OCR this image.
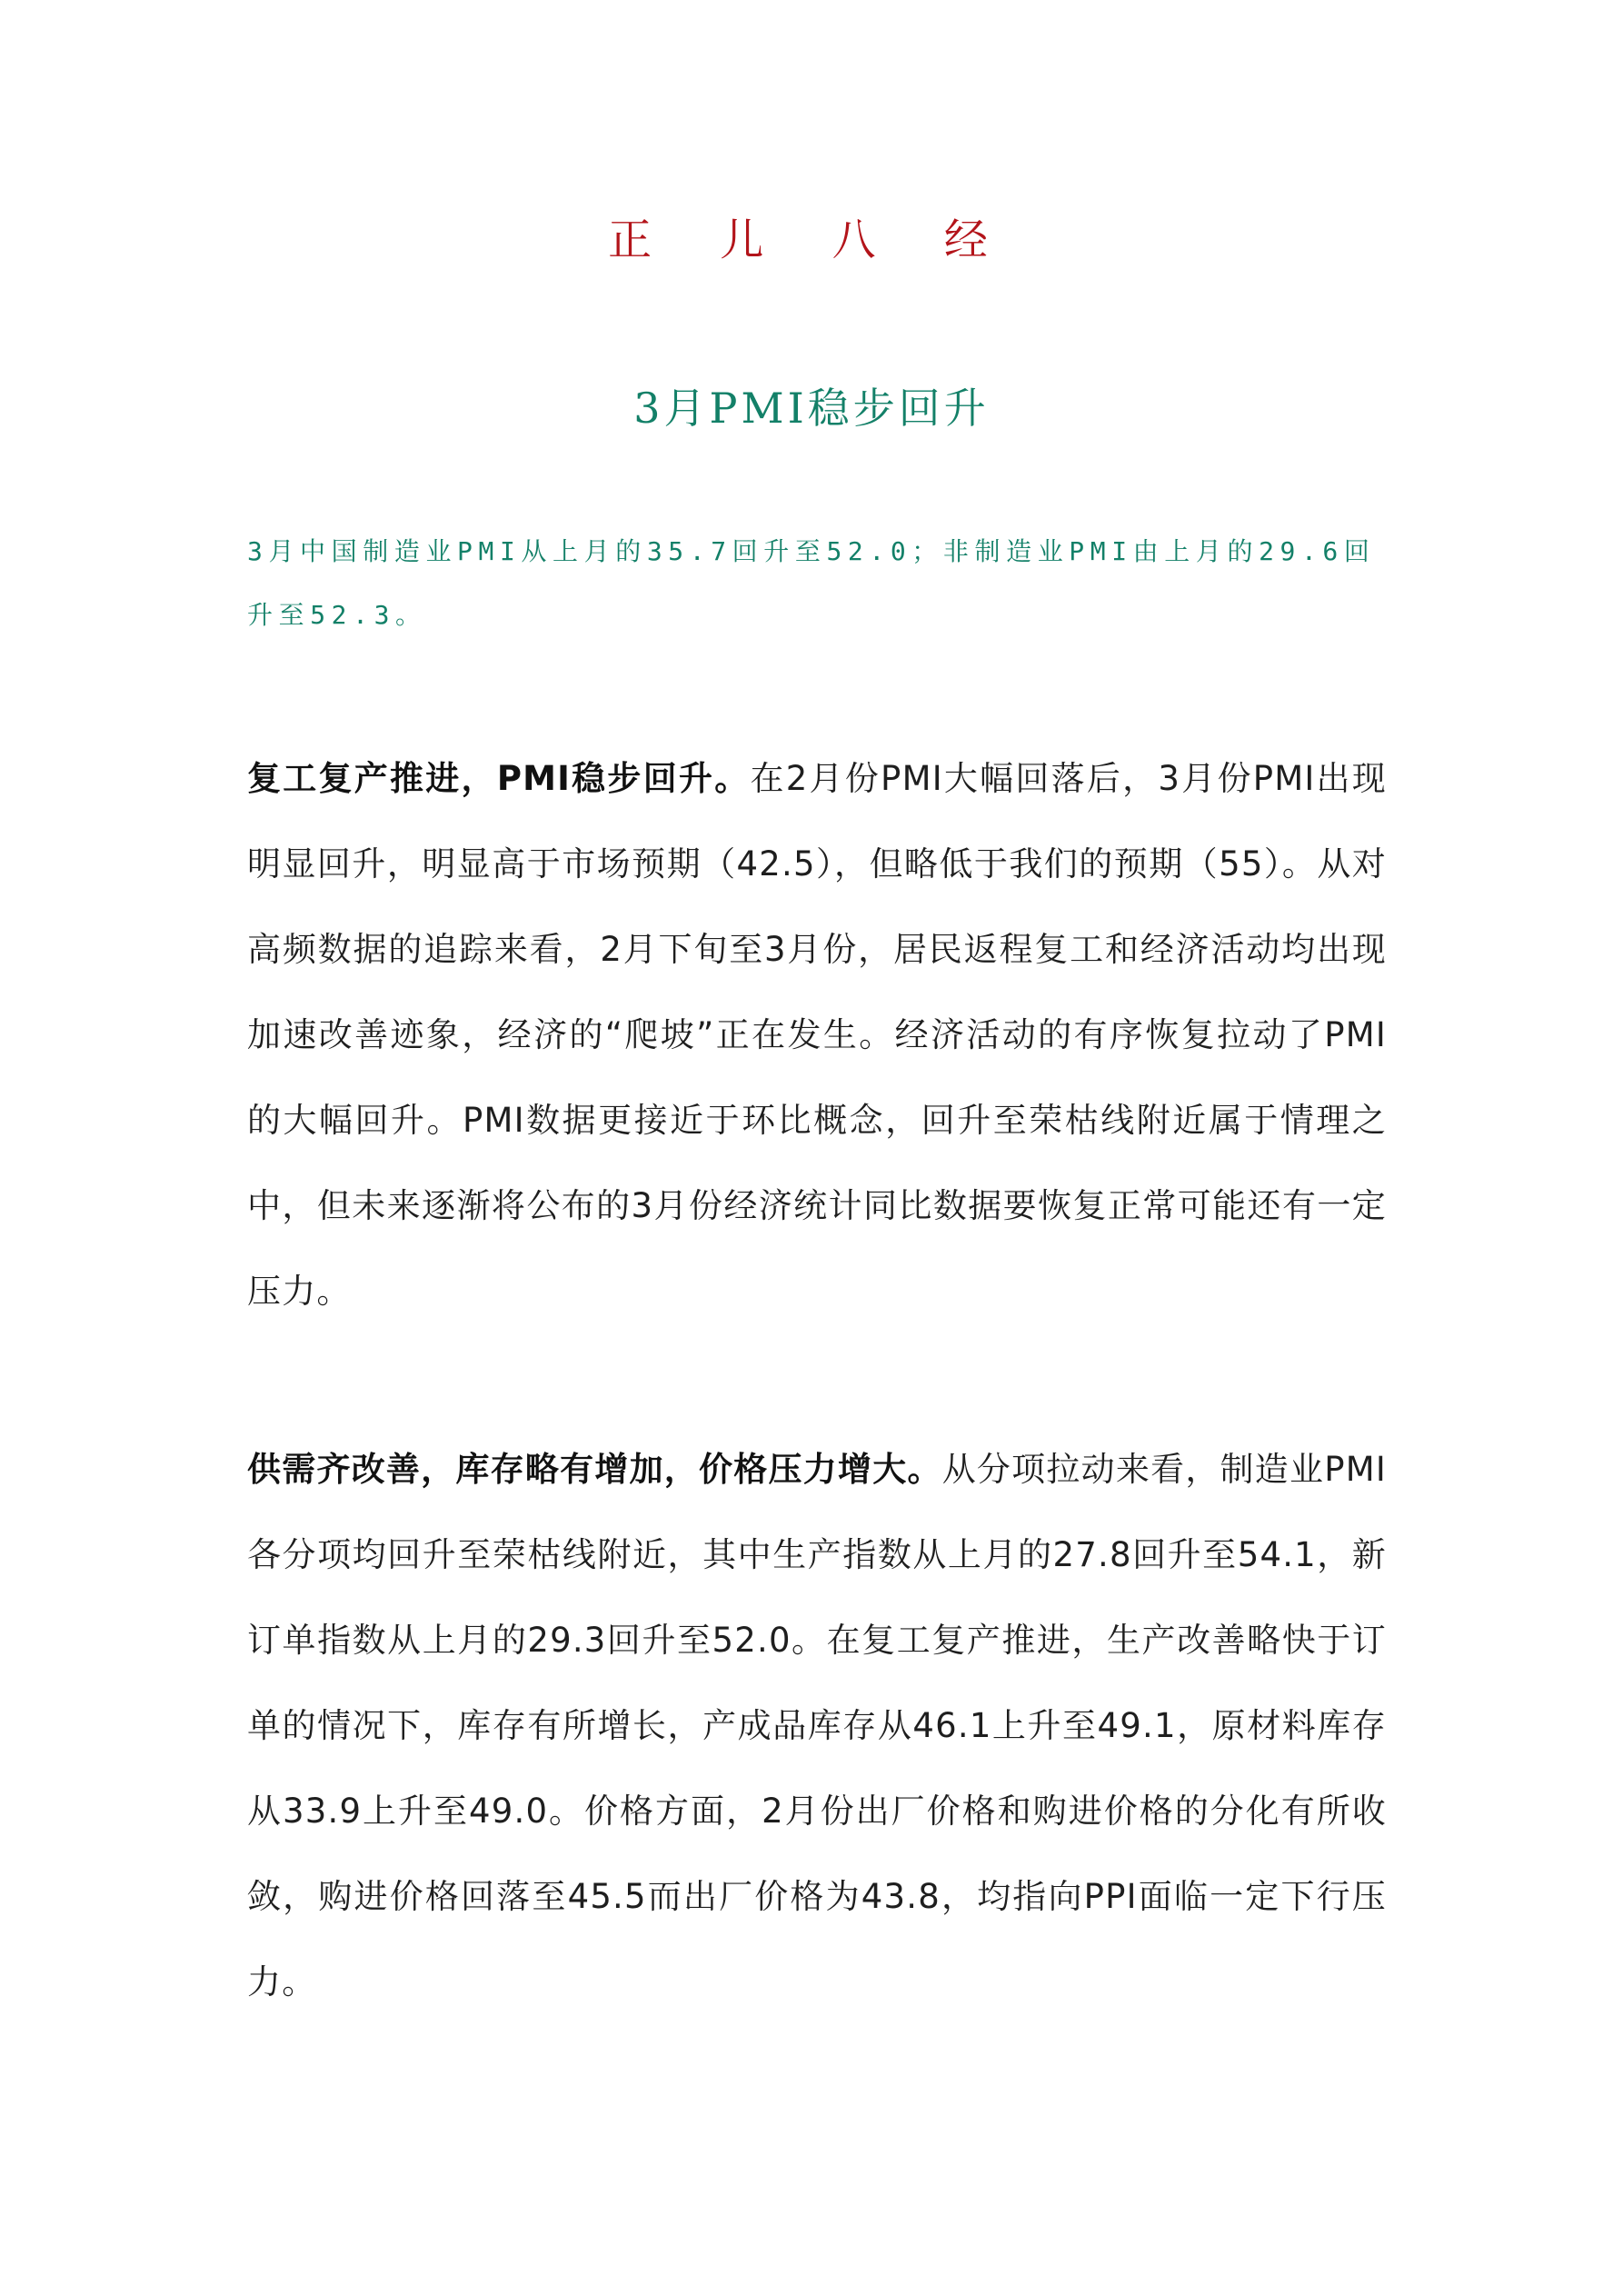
正 儿 八 经
3月PMI稳步回升
3月中国制造业PMI从上月的35.7回升至52.0；非制造业PMI由上月的29.6回升至52.3。
复工复产推进，PMI稳步回升。在2月份PMI大幅回落后，3月份PMI出现明显回升，明显高于市场预期（42.5），但略低于我们的预期（55）。从对高频数据的追踪来看，2月下旬至3月份，居民返程复工和经济活动均出现加速改善迹象，经济的“爬坡”正在发生。经济活动的有序恢复拉动了PMI的大幅回升。PMI数据更接近于环比概念，回升至荣枯线附近属于情理之中，但未来逐渐将公布的3月份经济统计同比数据要恢复正常可能还有一定压力。
供需齐改善，库存略有增加，价格压力增大。从分项拉动来看，制造业PMI各分项均回升至荣枯线附近，其中生产指数从上月的27.8回升至54.1，新订单指数从上月的29.3回升至52.0。在复工复产推进，生产改善略快于订单的情况下，库存有所增长，产成品库存从46.1上升至49.1，原材料库存从33.9上升至49.0。价格方面，2月份出厂价格和购进价格的分化有所收敛，购进价格回落至45.5而出厂价格为43.8，均指向PPI面临一定下行压力。
